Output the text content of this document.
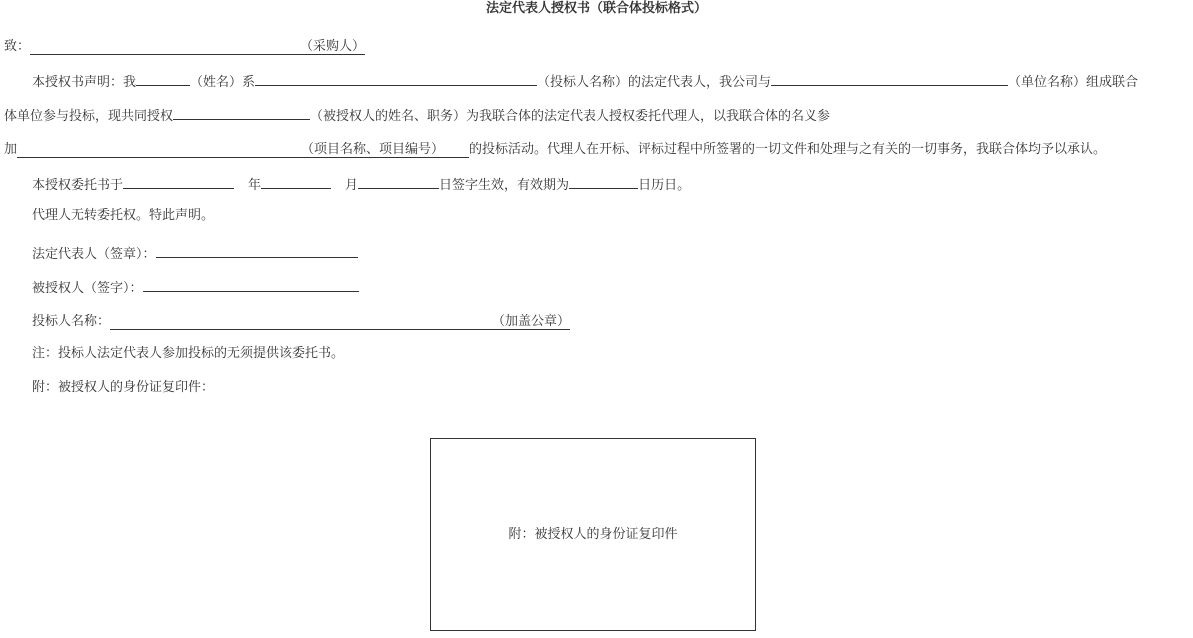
法定代表人授权书（联合体投标格式）
致：	（采购人）
本授权书声明：我	（姓名）系	（投标人名称）的法定代表人，我公司与	（单位名称）组成联合
体单位参与投标，现共同授权	（被授权人的姓名、职务）为我联合体的法定代表人授权委托代理人，以我联合体的名义参
加	（项目名称、项目编号） 的投标活动。代理人在开标、评标过程中所签署的一切文件和处理与之有关的一切事务，我联合体均予以承认。
本授权委托书于	年	月	日签字生效，有效期为	日历日。
代理人无转委托权。特此声明。
法定代表人（签章）：
被授权人（签字）：
投标人名称：	（加盖公章）
注：投标人法定代表人参加投标的无须提供该委托书。
附：被授权人的身份证复印件：
附：被授权人的身份证复印件
